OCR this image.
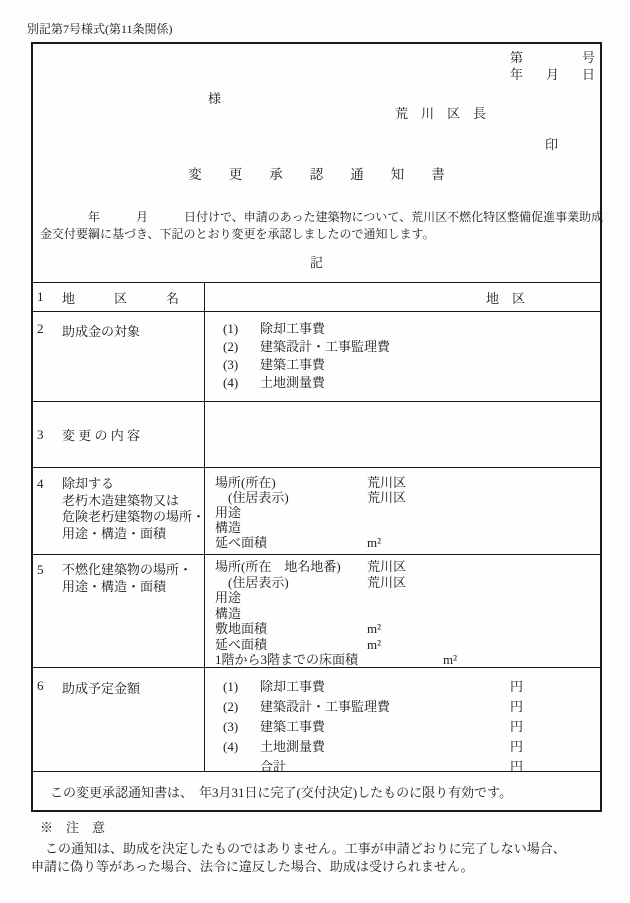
別記第7号様式(第11条関係)
第	号
年 月 日
様
荒　川　区　長
印
変　　更　　承　　認　　通　　知　　書
年　　　月　　　日付けで、申請のあった建築物について、荒川区不燃化特区整備促進事業助成
金交付要綱に基づき、下記のとおり変更を承認しましたので通知します。
記
1	地　　　区　　　名	地　区
2	助成金の対象	(1)	除却工事費
(2)	建築設計・工事監理費
(3)	建築工事費
(4)	土地測量費
3	変 更 の 内 容
4	除却する
老朽木造建築物又は
危険老朽建築物の場所・
用途・構造・面積
場所(所在)	荒川区
　(住居表示)	荒川区
用途
構造
延べ面積	m²
5	不燃化建築物の場所・
用途・構造・面積
場所(所在　地名地番)	荒川区
　(住居表示)	荒川区
用途
構造
敷地面積	m²
延べ面積	m²
1階から3階までの床面積	m²
6	助成予定金額	(1)	除却工事費	円
(2)	建築設計・工事監理費	円
(3)	建築工事費	円
(4)	土地測量費	円
合計	円
この変更承認通知書は、 年3月31日に完了(交付決定)したものに限り有効です。
※　注　意
この通知は、助成を決定したものではありません。工事が申請どおりに完了しない場合、
申請に偽り等があった場合、法令に違反した場合、助成は受けられません。
